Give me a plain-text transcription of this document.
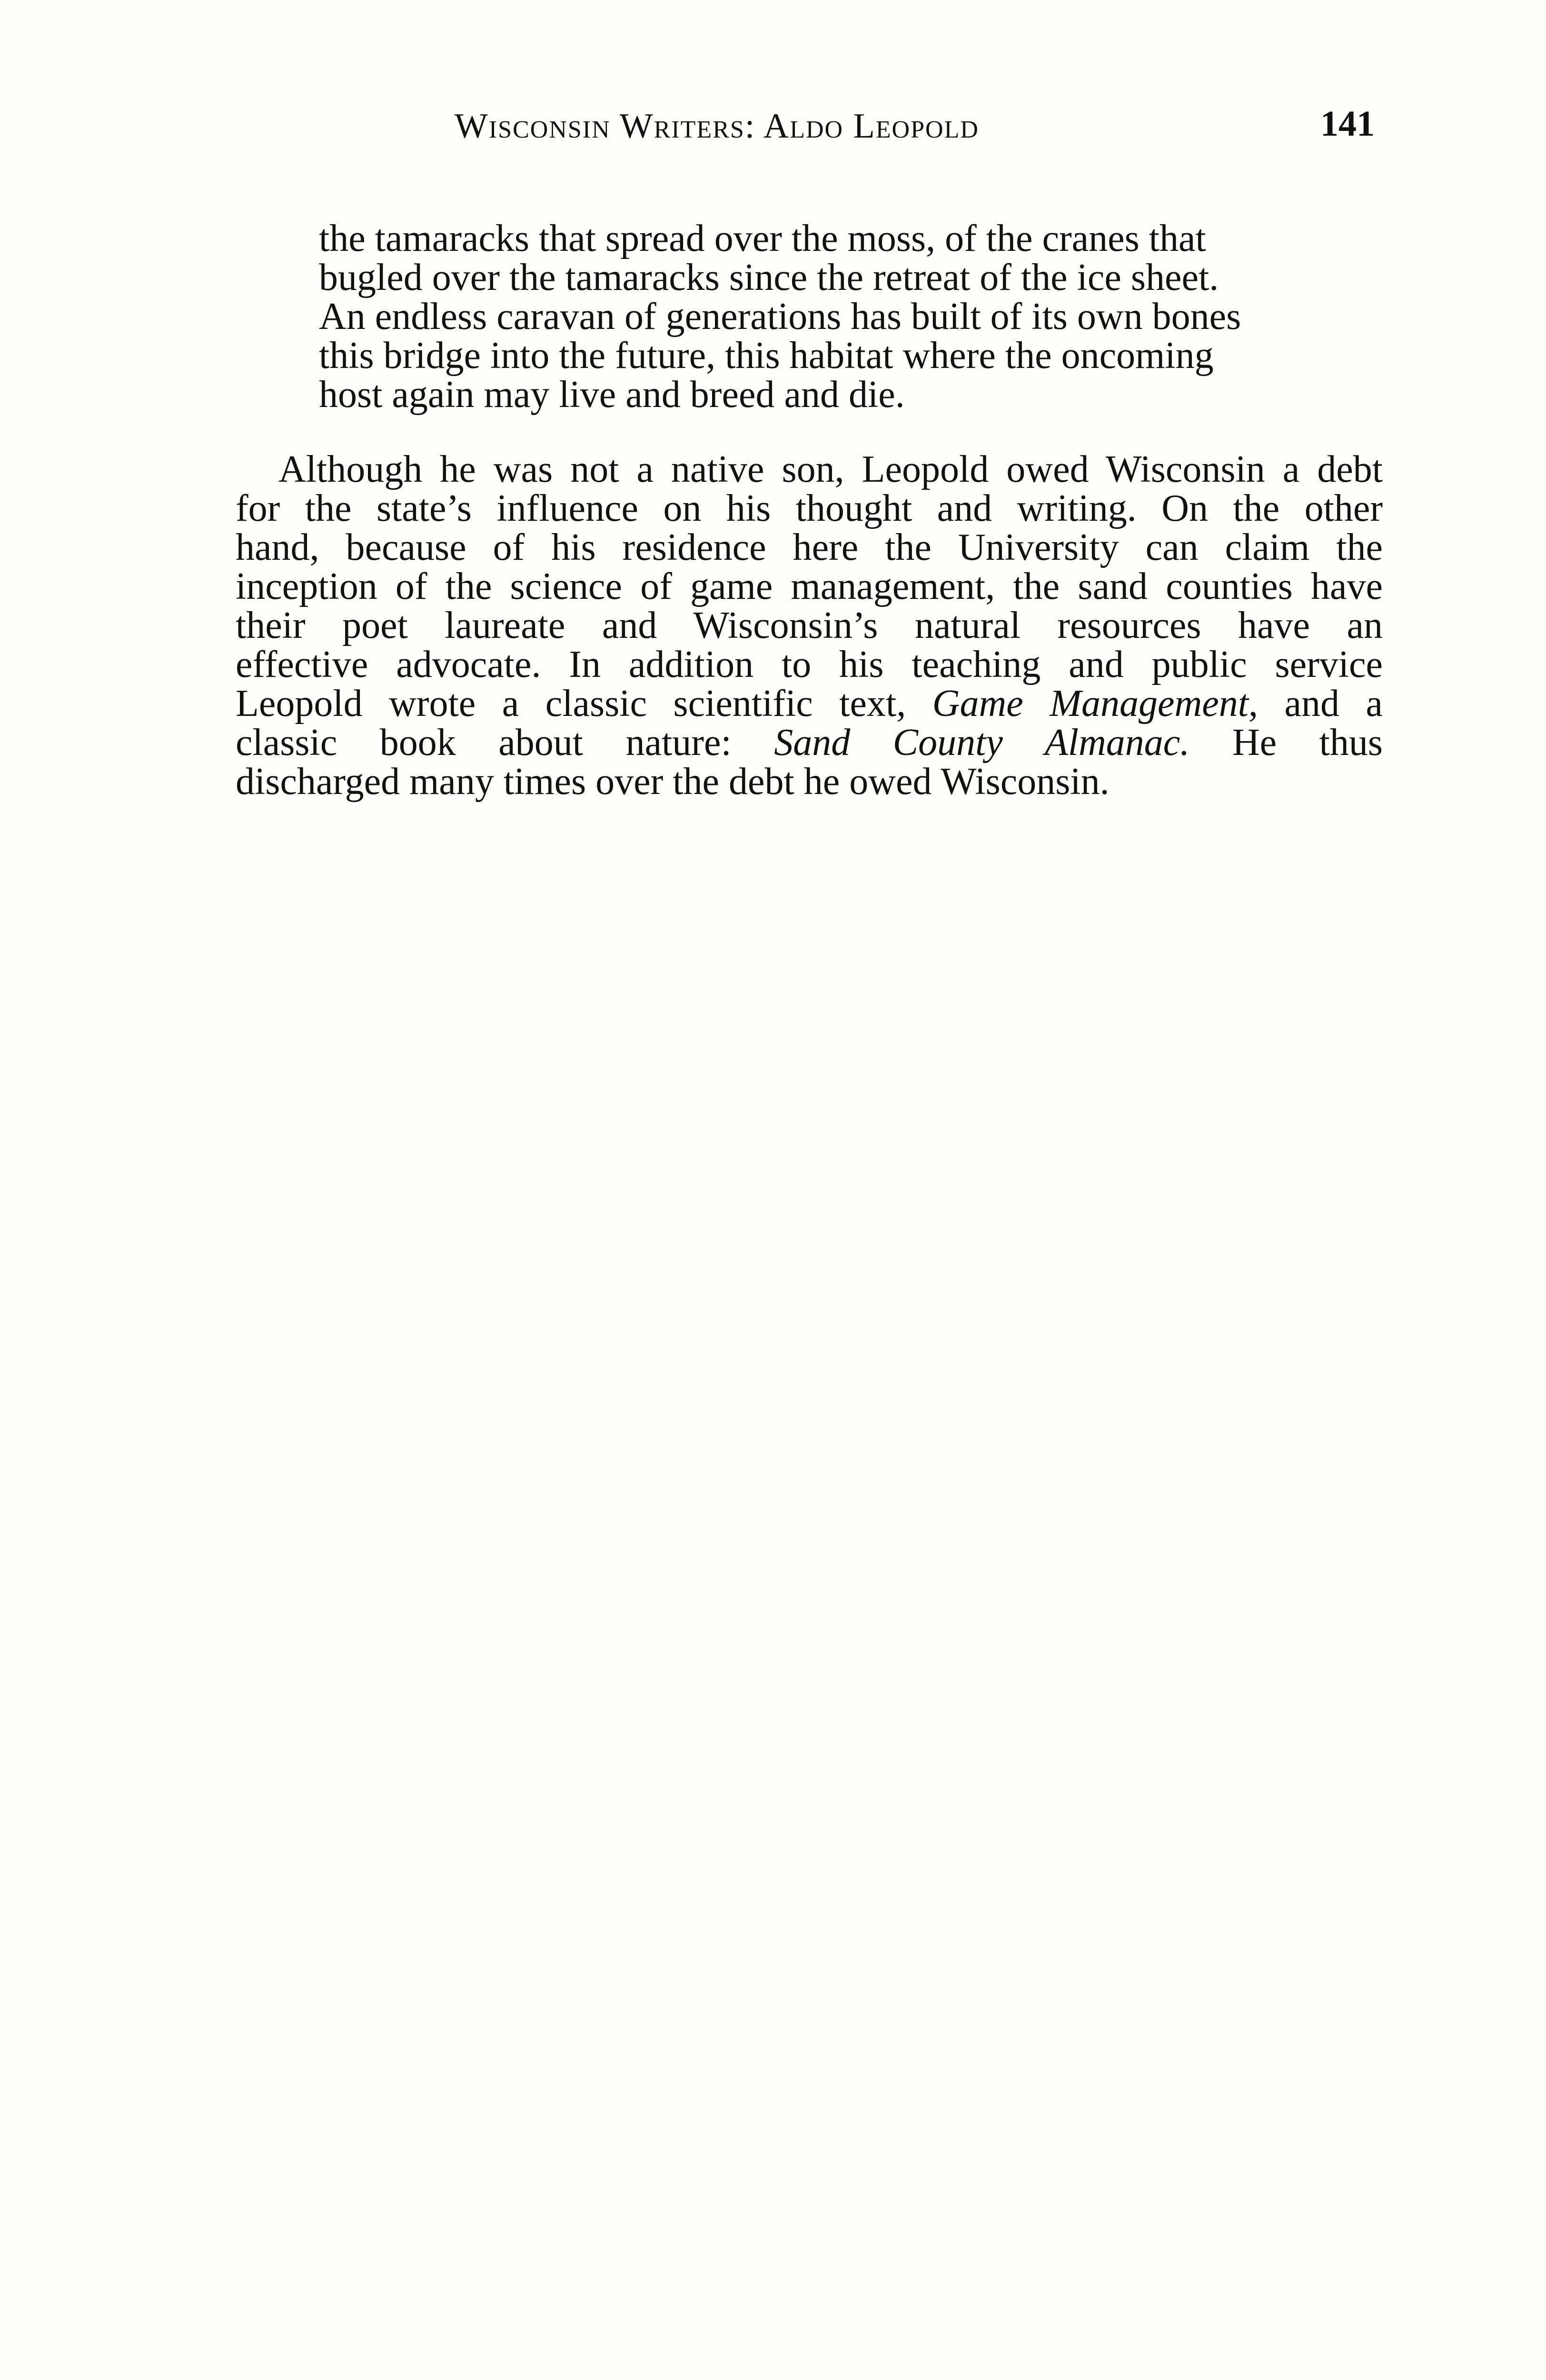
Wisconsin Writers: Aldo Leopold	141
the tamaracks that spread over the moss, of the cranes that
bugled over the tamaracks since the retreat of the ice sheet.
An endless caravan of generations has built of its own bones
this bridge into the future, this habitat where the oncoming
host again may live and breed and die.

Although he was not a native son, Leopold owed Wisconsin a debt
for the state’s influence on his thought and writing. On the other
hand, because of his residence here the University can claim the
inception of the science of game management, the sand counties have
their poet laureate and Wisconsin’s natural resources have an
effective advocate. In addition to his teaching and public service
Leopold wrote a classic scientific text, Game Management, and a
classic book about nature: Sand County Almanac. He thus
discharged many times over the debt he owed Wisconsin.
